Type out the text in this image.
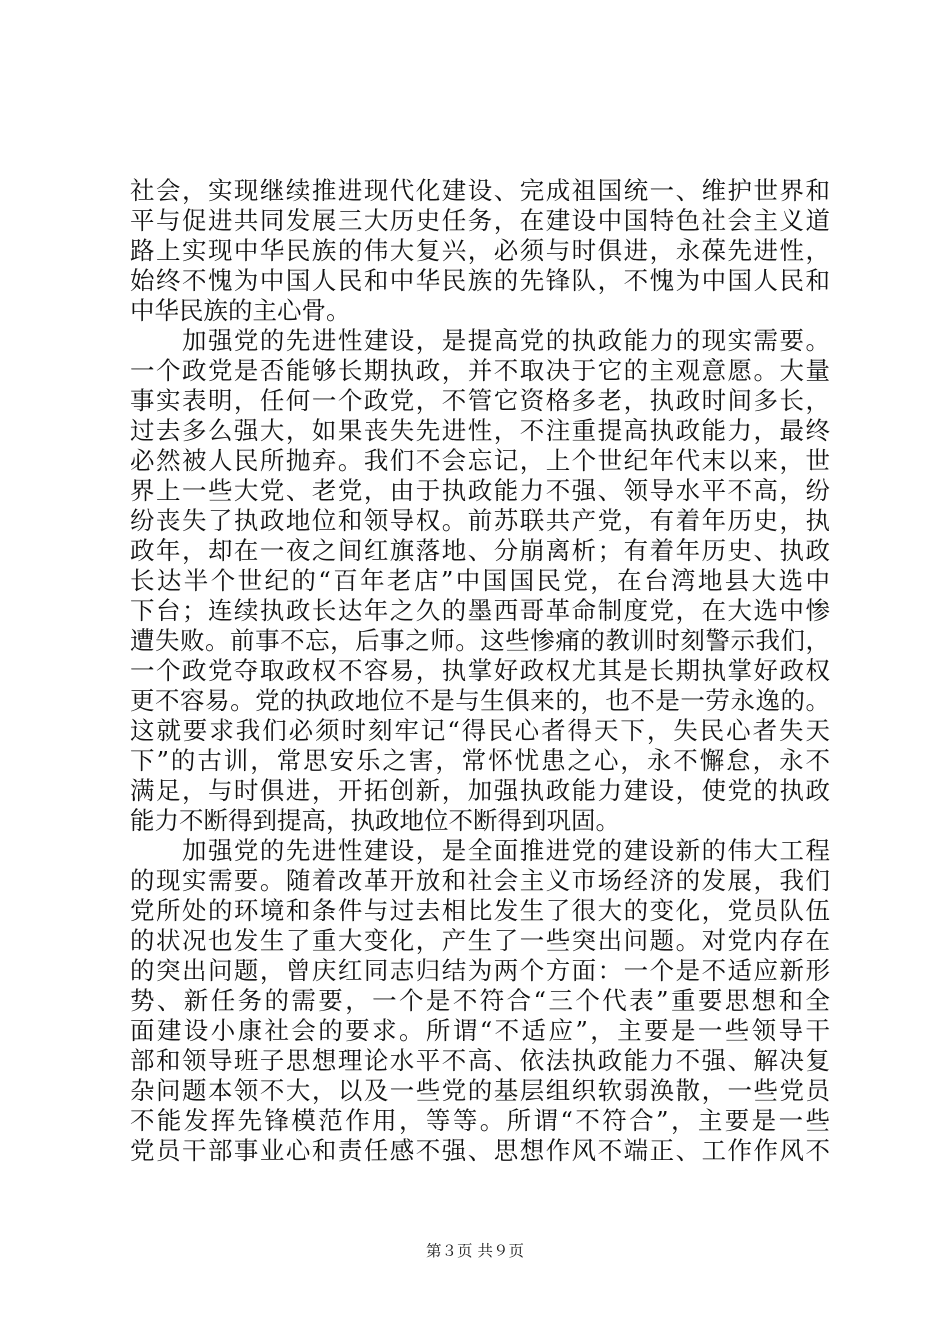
社会，实现继续推进现代化建设、完成祖国统一、维护世界和
平与促进共同发展三大历史任务，在建设中国特色社会主义道
路上实现中华民族的伟大复兴，必须与时俱进，永葆先进性，
始终不愧为中国人民和中华民族的先锋队，不愧为中国人民和
中华民族的主心骨。
　　加强党的先进性建设，是提高党的执政能力的现实需要。
一个政党是否能够长期执政，并不取决于它的主观意愿。大量
事实表明，任何一个政党，不管它资格多老，执政时间多长，
过去多么强大，如果丧失先进性，不注重提高执政能力，最终
必然被人民所抛弃。我们不会忘记，上个世纪年代末以来，世
界上一些大党、老党，由于执政能力不强、领导水平不高，纷
纷丧失了执政地位和领导权。前苏联共产党，有着年历史，执
政年，却在一夜之间红旗落地、分崩离析；有着年历史、执政
长达半个世纪的“百年老店”中国国民党，在台湾地县大选中
下台；连续执政长达年之久的墨西哥革命制度党，在大选中惨
遭失败。前事不忘，后事之师。这些惨痛的教训时刻警示我们，
一个政党夺取政权不容易，执掌好政权尤其是长期执掌好政权
更不容易。党的执政地位不是与生俱来的，也不是一劳永逸的。
这就要求我们必须时刻牢记“得民心者得天下，失民心者失天
下”的古训，常思安乐之害，常怀忧患之心，永不懈怠，永不
满足，与时俱进，开拓创新，加强执政能力建设，使党的执政
能力不断得到提高，执政地位不断得到巩固。
　　加强党的先进性建设，是全面推进党的建设新的伟大工程
的现实需要。随着改革开放和社会主义市场经济的发展，我们
党所处的环境和条件与过去相比发生了很大的变化，党员队伍
的状况也发生了重大变化，产生了一些突出问题。对党内存在
的突出问题，曾庆红同志归结为两个方面：一个是不适应新形
势、新任务的需要，一个是不符合“三个代表”重要思想和全
面建设小康社会的要求。所谓“不适应”，主要是一些领导干
部和领导班子思想理论水平不高、依法执政能力不强、解决复
杂问题本领不大，以及一些党的基层组织软弱涣散，一些党员
不能发挥先锋模范作用，等等。所谓“不符合”，主要是一些
党员干部事业心和责任感不强、思想作风不端正、工作作风不
第３页 共９页
